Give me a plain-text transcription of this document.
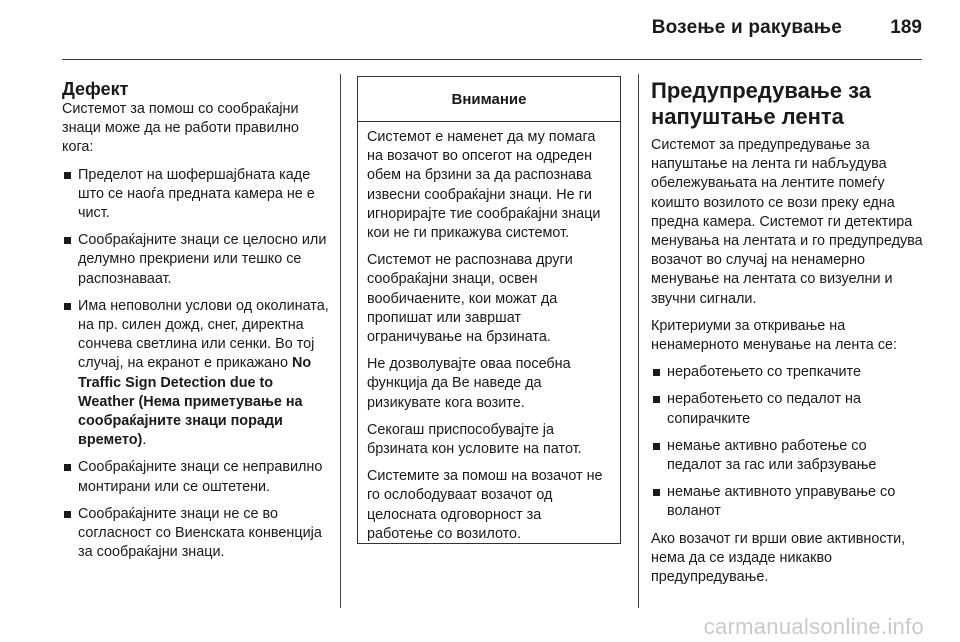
Возење и ракување	189
Дефект

Системот за помош со сообраќајни знаци може да не работи правилно кога:

Пределот на шофершајбната каде што се наоѓа предната камера не е чист.
Сообраќајните знаци се целосно или делумно прекриени или тешко се распознаваат.
Има неповолни услови од околината, на пр. силен дожд, снег, директна сончева светлина или сенки. Во тој случај, на екранот е прикажано No Traffic Sign Detection due to Weather (Нема приметување на сообраќајните знаци поради времето).
Сообраќајните знаци се неправилно монтирани или се оштетени.
Сообраќајните знаци не се во согласност со Виенската конвенција за сообраќајни знаци.
Внимание

Системот е наменет да му помага на возачот во опсегот на одреден обем на брзини за да распознава извесни сообраќајни знаци. Не ги игнорирајте тие сообраќајни знаци кои не ги прикажува системот.

Системот не распознава други сообраќајни знаци, освен вообичаените, кои можат да пропишат или завршат ограничување на брзината.

Не дозволувајте оваа посебна функција да Ве наведе да ризикувате кога возите.

Секогаш приспособувајте ја брзината кон условите на патот.

Системите за помош на возачот не го ослободуваат возачот од целосната одговорност за работење со возилото.

Предупредување за напуштање лента

Системот за предупредување за напуштање на лента ги набљудува обележувањата на лентите помеѓу коишто возилото се вози преку една предна камера. Системот ги детектира менувања на лентата и го предупредува возачот во случај на ненамерно менување на лентата со визуелни и звучни сигнали.

Критериуми за откривање на ненамерното менување на лента се:

неработењето со трепкачите
неработењето со педалот на сопирачките
немање активно работење со педалот за гас или забрзување
немање активното управување со воланот

Ако возачот ги врши овие активности, нема да се издаде никакво предупредување.

carmanualsonline.info
